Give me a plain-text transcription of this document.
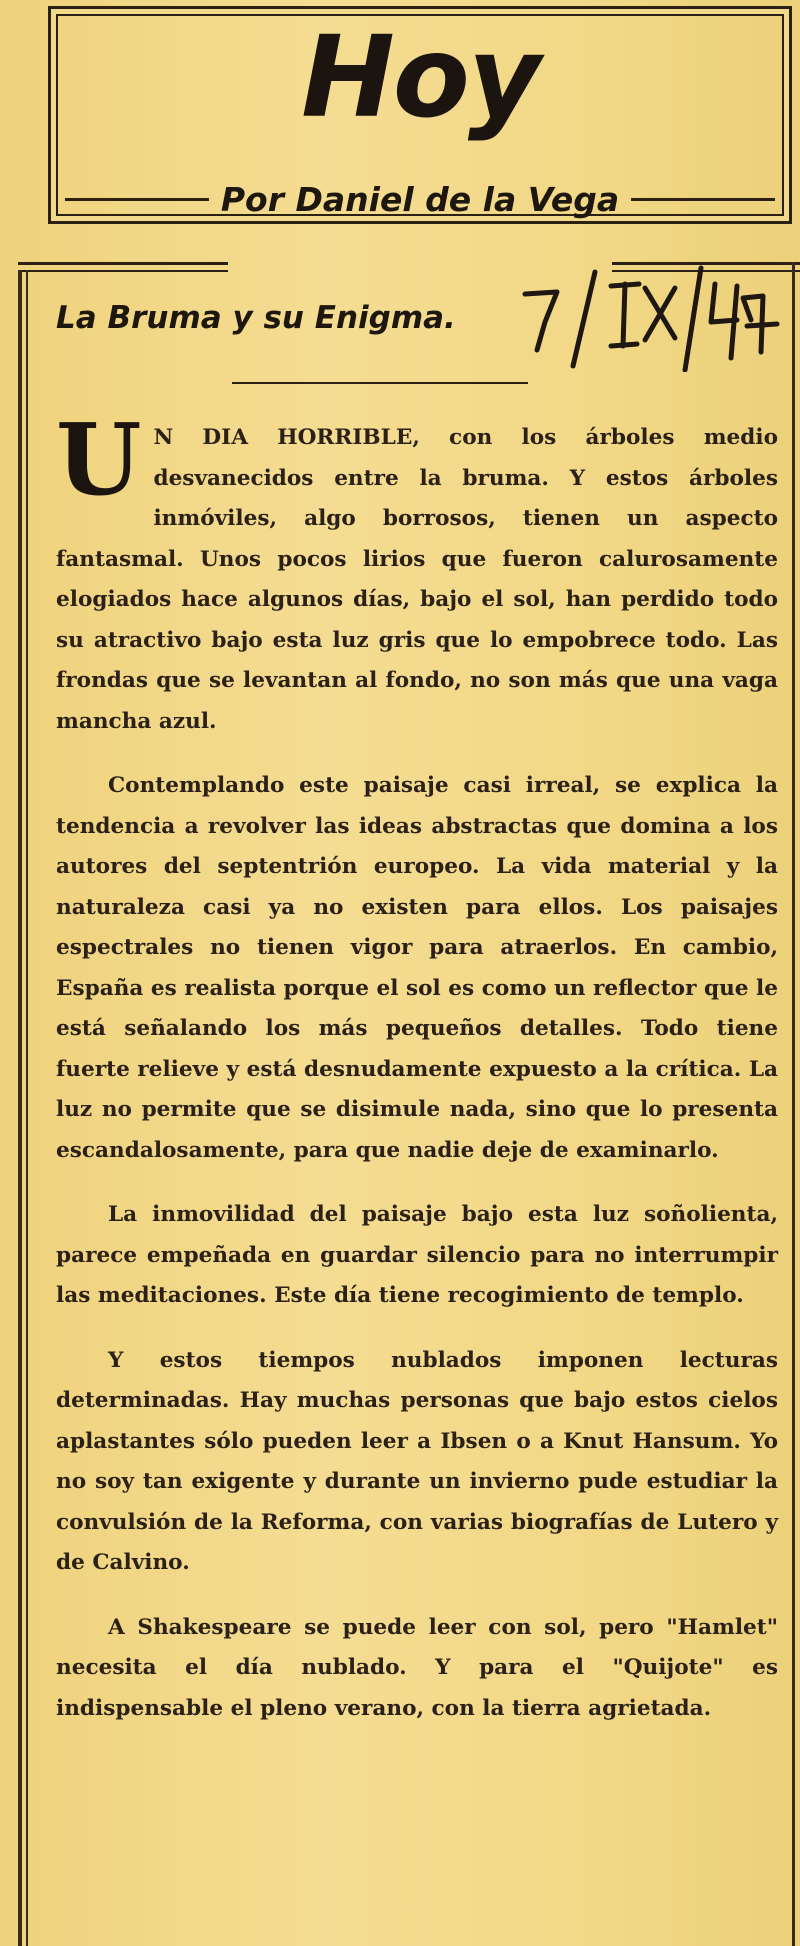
Hoy
Por Daniel de la Vega
La Bruma y su Enigma.

U N DIA HORRIBLE, con los árboles medio desvanecidos entre la bruma. Y estos árboles inmóviles, algo borrosos, tienen un aspecto fantasmal. Unos pocos lirios que fueron calurosamente elogiados hace algunos días, bajo el sol, han perdido todo su atractivo bajo esta luz gris que lo empobrece todo. Las frondas que se levantan al fondo, no son más que una vaga mancha azul.

Contemplando este paisaje casi irreal, se explica la tendencia a revolver las ideas abstractas que domina a los autores del septentrión europeo. La vida material y la naturaleza casi ya no existen para ellos. Los paisajes espectrales no tienen vigor para atraerlos. En cambio, España es realista porque el sol es como un reflector que le está señalando los más pequeños detalles. Todo tiene fuerte relieve y está desnudamente expuesto a la crítica. La luz no permite que se disimule nada, sino que lo presenta escandalosamente, para que nadie deje de examinarlo.

La inmovilidad del paisaje bajo esta luz soñolienta, parece empeñada en guardar silencio para no interrumpir las meditaciones. Este día tiene recogimiento de templo.

Y estos tiempos nublados imponen lecturas determinadas. Hay muchas personas que bajo estos cielos aplastantes sólo pueden leer a Ibsen o a Knut Hansum. Yo no soy tan exigente y durante un invierno pude estudiar la convulsión de la Reforma, con varias biografías de Lutero y de Calvino.

A Shakespeare se puede leer con sol, pero "Hamlet" necesita el día nublado. Y para el "Quijote" es indispensable el pleno verano, con la tierra agrietada.
